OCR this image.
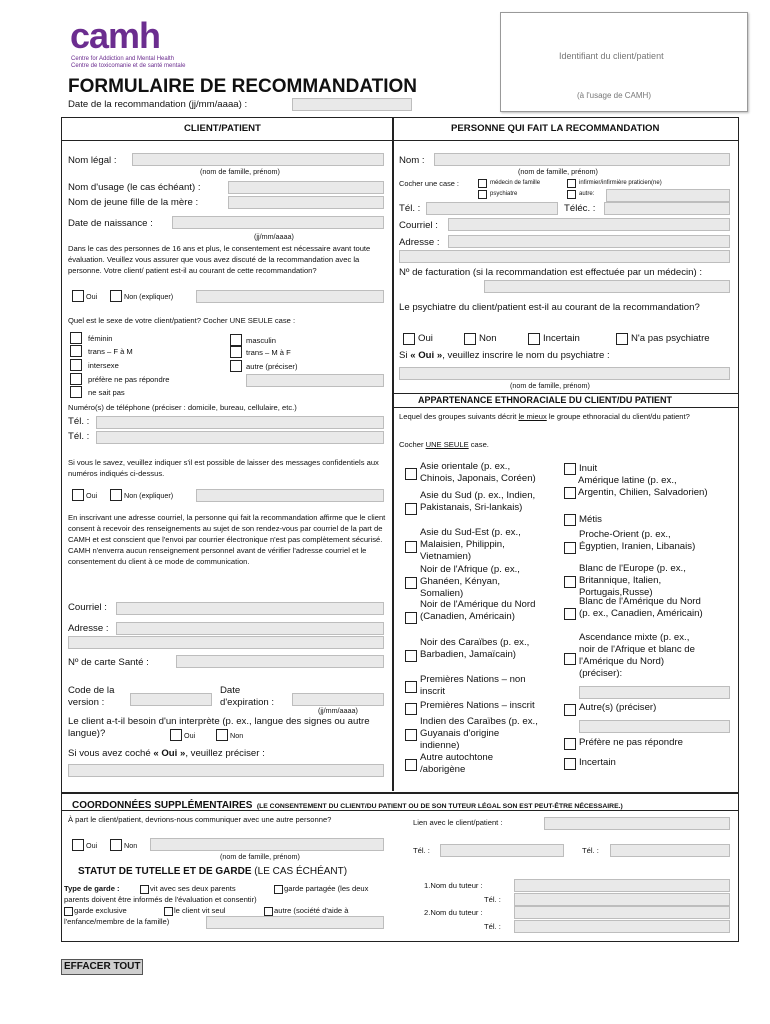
camh
Centre for Addiction and Mental Health
Centre de toxicomanie et de santé mentale
FORMULAIRE DE RECOMMANDATION
Date de la recommandation (jj/mm/aaaa) :
Identifiant du client/patient
(à l'usage de CAMH)
CLIENT/PATIENT	PERSONNE QUI FAIT LA RECOMMANDATION
Nom légal :
(nom de famille, prénom)
Nom d'usage (le cas échéant) :
Nom de jeune fille de la mère :
Date de naissance :
(jj/mm/aaaa)
Dans le cas des personnes de 16 ans et plus, le consentement est nécessaire avant toute évaluation. Veuillez vous assurer que vous avez discuté de la recommandation avec la personne. Votre client/ patient est-il au courant de cette recommandation?
Oui	Non (expliquer)
Quel est le sexe de votre client/patient? Cocher UNE SEULE case :
féminin
trans – F à M
intersexe
préfère ne pas répondre
ne sait pas
masculin
trans – M à F
autre (préciser)
Numéro(s) de téléphone (préciser : domicile, bureau, cellulaire, etc.)
Tél. :
Tél. :
Si vous le savez, veuillez indiquer s'il est possible de laisser des messages confidentiels aux numéros indiqués ci-dessus.
Oui	Non (expliquer)
En inscrivant une adresse courriel, la personne qui fait la recommandation affirme que le client consent à recevoir des renseignements au sujet de son rendez-vous par courriel de la part de CAMH et est conscient que l'envoi par courrier électronique n'est pas complètement sécurisé. CAMH n'enverra aucun renseignement personnel avant de vérifier l'adresse courriel et le consentement du client à ce mode de communication.
Courriel :
Adresse :
Nº de carte Santé :
Code de la
version :
Date
d'expiration :
(jj/mm/aaaa)
Le client a-t-il besoin d'un interprète (p. ex., langue des signes ou autre langue)?	Oui	Non
Si vous avez coché « Oui », veuillez préciser :
Nom :
(nom de famille, prénom)
Cocher une case :	médecin de famille	infirmier/infirmière praticien(ne)
psychiatre	autre:
Tél. :	Téléc. :
Courriel :
Adresse :
Nº de facturation (si la recommandation est effectuée par un médecin) :
Le psychiatre du client/patient est-il au courant de la recommandation?
Oui	Non	Incertain	N'a pas psychiatre
Si « Oui », veuillez inscrire le nom du psychiatre :
(nom de famille, prénom)
APPARTENANCE ETHNORACIALE DU CLIENT/DU PATIENT
Lequel des groupes suivants décrit le mieux le groupe ethnoracial du client/du patient?
Cocher UNE SEULE case.
Asie orientale (p. ex.,
Chinois, Japonais, Coréen)
Asie du Sud (p. ex., Indien,
Pakistanais, Sri-lankais)
Asie du Sud-Est (p. ex.,
Malaisien, Philippin,
Vietnamien)
Noir de l'Afrique (p. ex.,
Ghanéen, Kényan,
Somalien)
Noir de l'Amérique du Nord
(Canadien, Américain)
Noir des Caraïbes (p. ex.,
Barbadien, Jamaïcain)
Premières Nations – non
inscrit
Premières Nations – inscrit
Indien des Caraïbes (p. ex.,
Guyanais d'origine
indienne)
Autre autochtone
/aborigène
Inuit
Amérique latine (p. ex.,
Argentin, Chilien, Salvadorien)
Métis
Proche-Orient (p. ex.,
Égyptien, Iranien, Libanais)
Blanc de l'Europe (p. ex.,
Britannique, Italien,
Portugais,Russe)
Blanc de l'Amérique du Nord
(p. ex., Canadien, Américain)
Ascendance mixte (p. ex.,
noir de l'Afrique et blanc de
l'Amérique du Nord)
(préciser):
Autre(s) (préciser)
Préfère ne pas répondre
Incertain
COORDONNÉES SUPPLÉMENTAIRES (LE CONSENTEMENT DU CLIENT/DU PATIENT OU DE SON TUTEUR LÉGAL SON EST PEUT-ÊTRE NÉCESSAIRE.)
À part le client/patient, devrions-nous communiquer avec une autre personne?
Oui	Non
(nom de famille, prénom)
Lien avec le client/patient :
Tél. :	Tél. :
STATUT DE TUTELLE ET DE GARDE (LE CAS ÉCHÉANT)
Type de garde :	vit avec ses deux parents	garde partagée (les deux
parents doivent être informés de l'évaluation et consentir)
garde exclusive	le client vit seul	autre (société d'aide à
l'enfance/membre de la famille)
1.Nom du tuteur :
Tél. :
2.Nom du tuteur :
Tél. :
EFFACER TOUT
